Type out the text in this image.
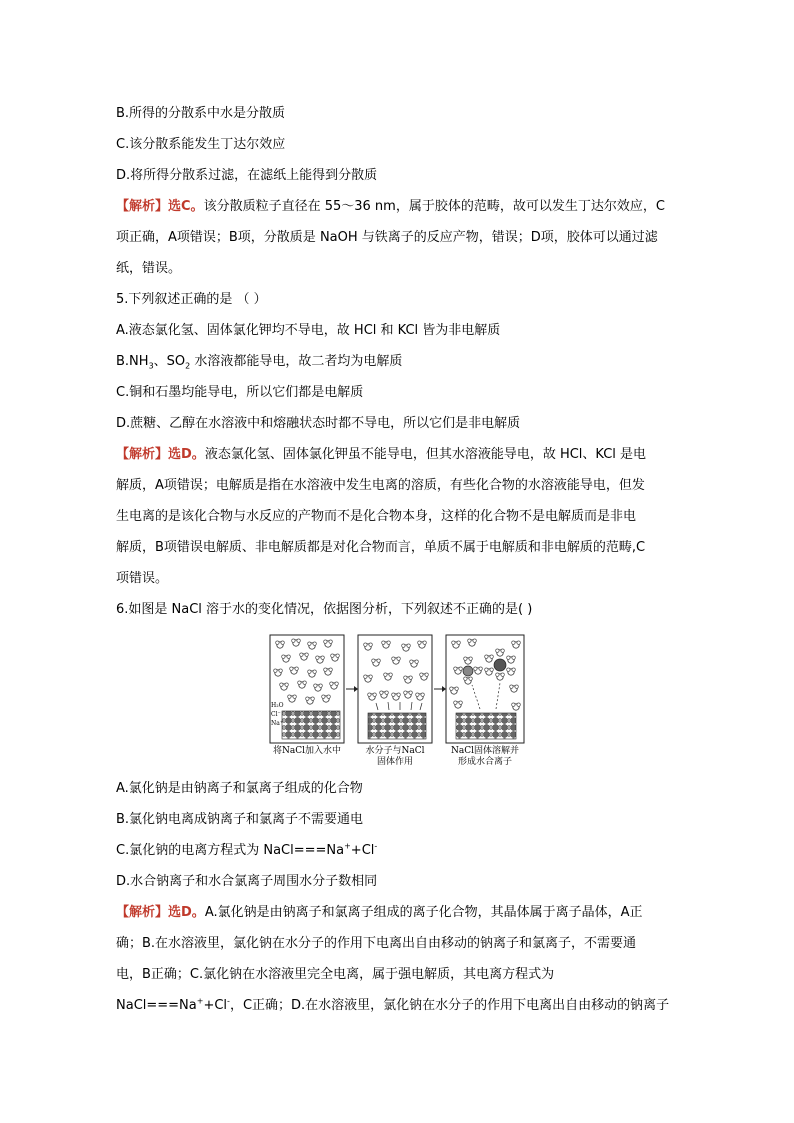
B.所得的分散系中水是分散质
C.该分散系能发生丁达尔效应
D.将所得分散系过滤，在滤纸上能得到分散质
【解析】选C。该分散质粒子直径在 55～36 nm，属于胶体的范畴，故可以发生丁达尔效应，C
项正确，A项错误；B项，分散质是 NaOH 与铁离子的反应产物，错误；D项，胶体可以通过滤
纸，错误。
5.下列叙述正确的是 （ ）
A.液态氯化氢、固体氯化钾均不导电，故 HCl 和 KCl 皆为非电解质
$B.NH_3$、$SO_2$ 水溶液都能导电，故二者均为电解质
C.铜和石墨均能导电，所以它们都是电解质
D.蔗糖、乙醇在水溶液中和熔融状态时都不导电，所以它们是非电解质
【解析】选D。液态氯化氢、固体氯化钾虽不能导电，但其水溶液能导电，故 HCl、KCl 是电
解质，A项错误；电解质是指在水溶液中发生电离的溶质，有些化合物的水溶液能导电，但发
生电离的是该化合物与水反应的产物而不是化合物本身，这样的化合物不是电解质而是非电
解质，B项错误电解质、非电解质都是对化合物而言，单质不属于电解质和非电解质的范畴,C
项错误。
6.如图是 NaCl 溶于水的变化情况，依据图分析，下列叙述不正确的是( )
H₂O
Cl⁻
Na⁺
将NaCl加入水中	水分子与NaCl
固体作用
NaCl固体溶解并
形成水合离子
A.氯化钠是由钠离子和氯离子组成的化合物
B.氯化钠电离成钠离子和氯离子不需要通电
C.氯化钠的电离方程式为 NaCl===Na++Cl-
D.水合钠离子和水合氯离子周围水分子数相同
【解析】选D。A.氯化钠是由钠离子和氯离子组成的离子化合物，其晶体属于离子晶体，A正
确；B.在水溶液里，氯化钠在水分子的作用下电离出自由移动的钠离子和氯离子，不需要通
电，B正确；C.氯化钠在水溶液里完全电离，属于强电解质，其电离方程式为
NaCl===Na++Cl-，C正确；D.在水溶液里，氯化钠在水分子的作用下电离出自由移动的钠离子
